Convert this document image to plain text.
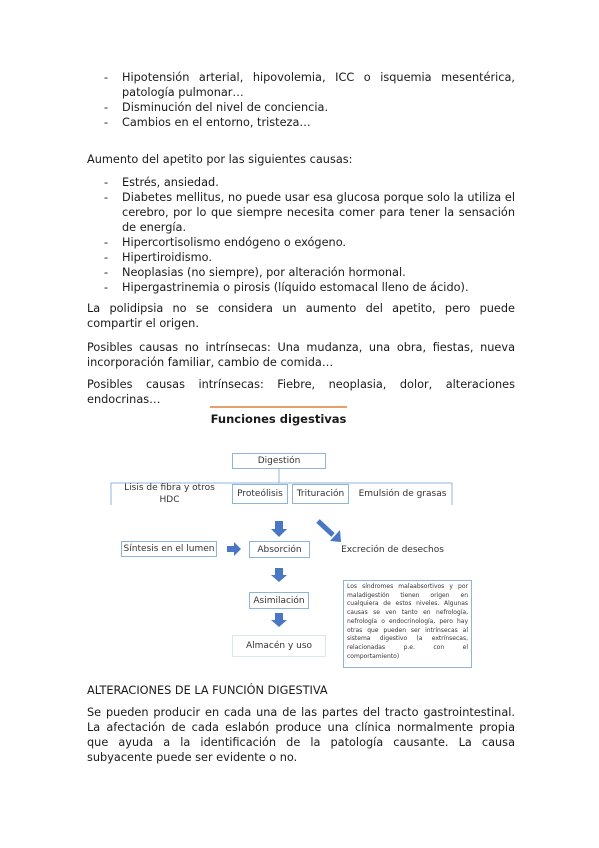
- Hipotensión arterial, hipovolemia, ICC o isquemia mesentérica, patología pulmonar…
- Disminución del nivel de conciencia.
- Cambios en el entorno, tristeza…

Aumento del apetito por las siguientes causas:

- Estrés, ansiedad.
- Diabetes mellitus, no puede usar esa glucosa porque solo la utiliza el cerebro, por lo que siempre necesita comer para tener la sensación de energía.
- Hipercortisolismo endógeno o exógeno.
- Hipertiroidismo.
- Neoplasias (no siempre), por alteración hormonal.
- Hipergastrinemia o pirosis (líquido estomacal lleno de ácido).

La polidipsia no se considera un aumento del apetito, pero puede compartir el origen.

Posibles causas no intrínsecas: Una mudanza, una obra, fiestas, nueva incorporación familiar, cambio de comida…

Posibles causas intrínsecas: Fiebre, neoplasia, dolor, alteraciones endocrinas…

Funciones digestivas
Digestión
Lisis de fibra y otros HDC
Proteólisis	Trituración	Emulsión de grasas
Síntesis en el lumen	Absorción	Excreción de desechos
Asimilación
Almacén y uso
Los síndromes malaabsortivos y por maladigestión tienen origen en cualquiera de estos niveles. Algunas causas se ven tanto en nefrología, nefrología o endocrinología, pero hay otras que pueden ser intrínsecas al sistema digestivo (a extrínsecas, relacionadas p.e. con el comportamiento)

ALTERACIONES DE LA FUNCIÓN DIGESTIVA

Se pueden producir en cada una de las partes del tracto gastrointestinal. La afectación de cada eslabón produce una clínica normalmente propia que ayuda a la identificación de la patología causante. La causa subyacente puede ser evidente o no.
